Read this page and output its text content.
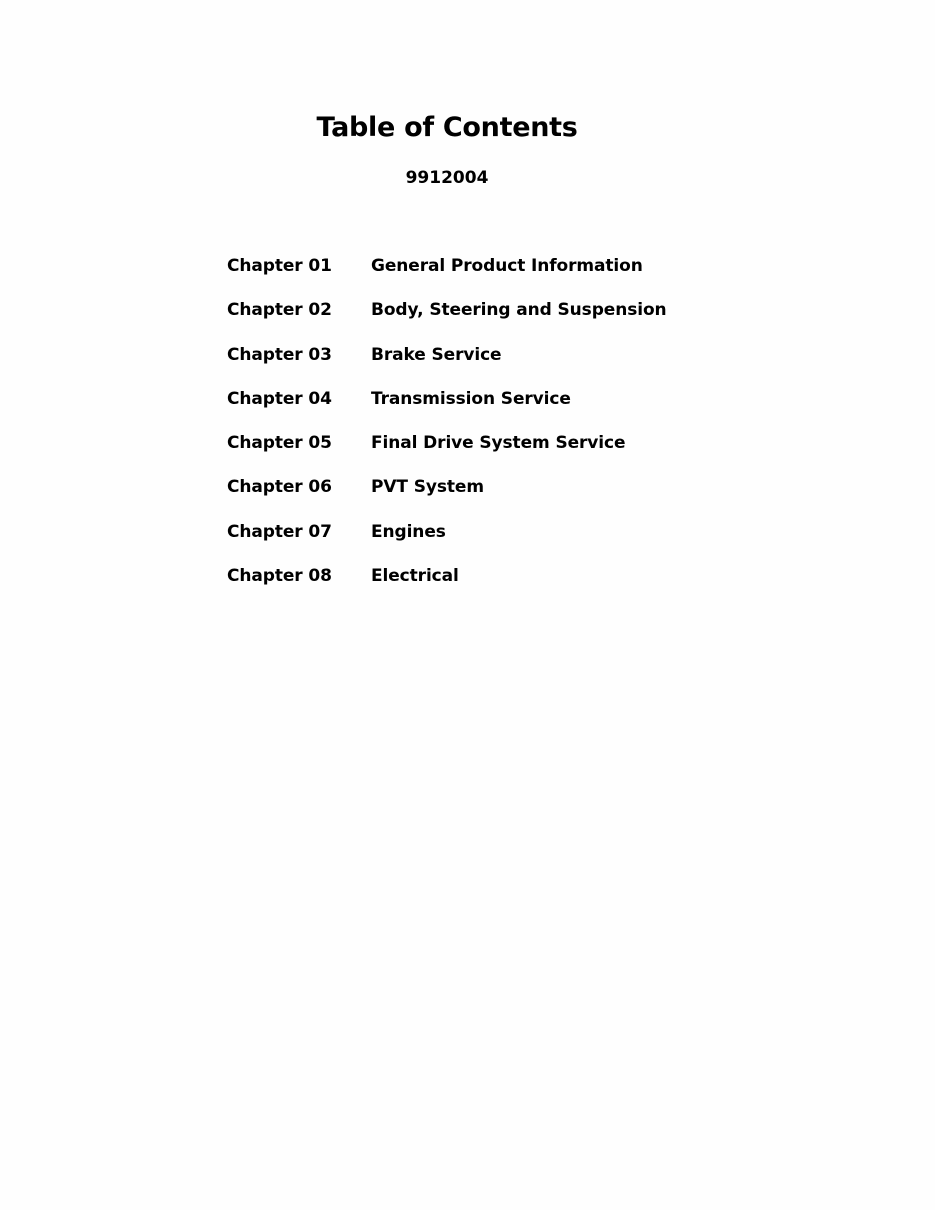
Table of Contents
9912004
Chapter 01	General Product Information
Chapter 02	Body, Steering and Suspension
Chapter 03	Brake Service
Chapter 04	Transmission Service
Chapter 05	Final Drive System Service
Chapter 06	PVT System
Chapter 07	Engines
Chapter 08	Electrical
